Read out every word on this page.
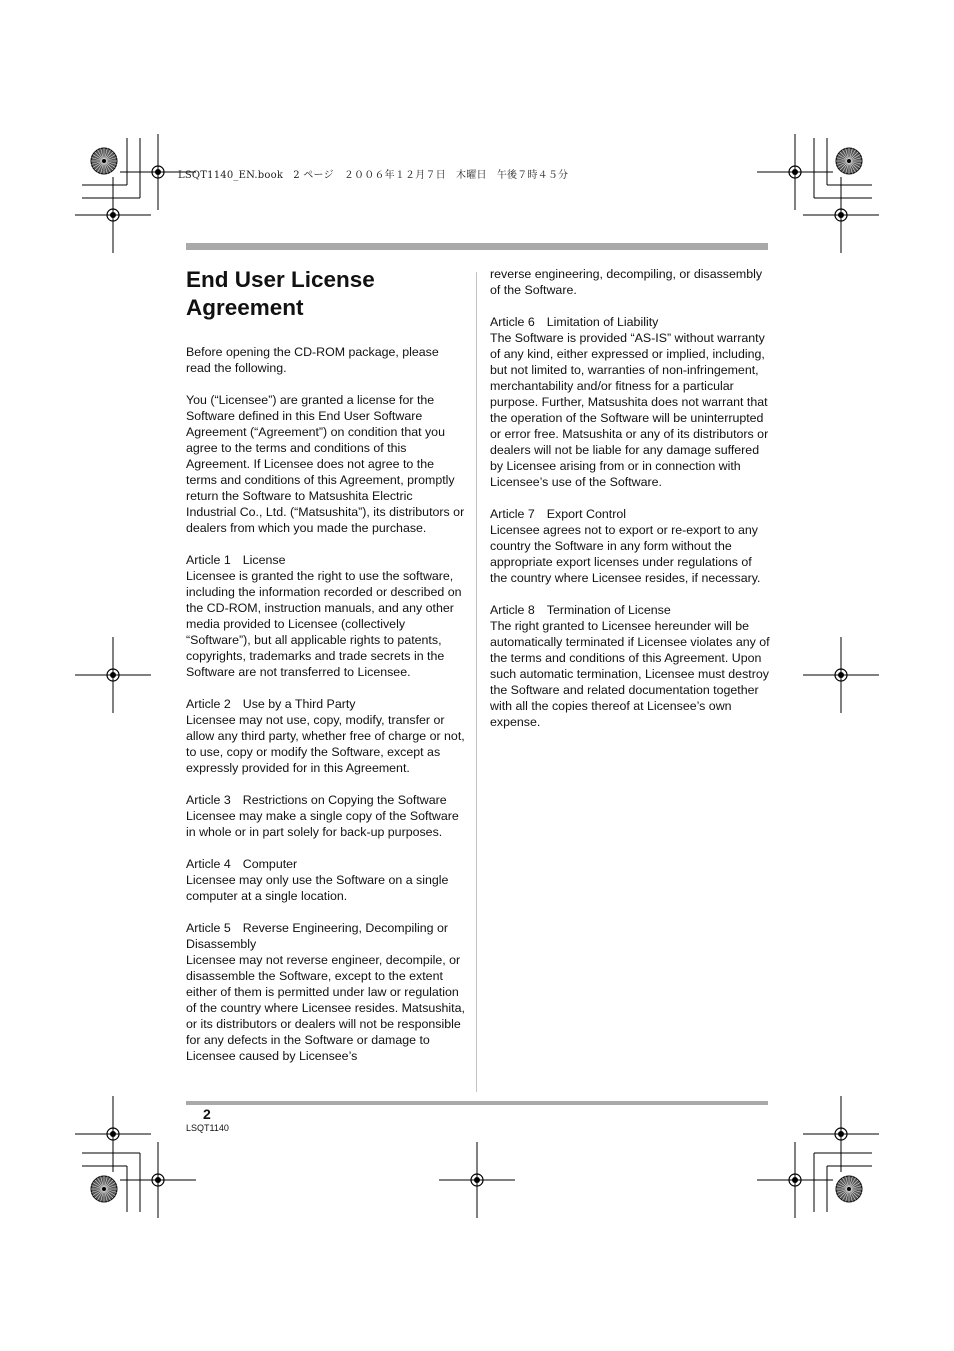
LSQT1140_EN.book　2 ページ　２００６年１２月７日　木曜日　午後７時４５分
End User License
Agreement

Before opening the CD-ROM package, please read the following.

You (“Licensee”) are granted a license for the Software defined in this End User Software Agreement (“Agreement”) on condition that you agree to the terms and conditions of this Agreement. If Licensee does not agree to the terms and conditions of this Agreement, promptly return the Software to Matsushita Electric Industrial Co., Ltd. (“Matsushita”), its distributors or dealers from which you made the purchase.

Article 1 License
Licensee is granted the right to use the software, including the information recorded or described on the CD-ROM, instruction manuals, and any other media provided to Licensee (collectively “Software”), but all applicable rights to patents, copyrights, trademarks and trade secrets in the Software are not transferred to Licensee.
Article 2 Use by a Third Party
Licensee may not use, copy, modify, transfer or allow any third party, whether free of charge or not, to use, copy or modify the Software, except as expressly provided for in this Agreement.
Article 3 Restrictions on Copying the Software
Licensee may make a single copy of the Software in whole or in part solely for back-up purposes.
Article 4 Computer
Licensee may only use the Software on a single computer at a single location.
Article 5 Reverse Engineering, Decompiling or Disassembly
Licensee may not reverse engineer, decompile, or disassemble the Software, except to the extent either of them is permitted under law or regulation of the country where Licensee resides. Matsushita, or its distributors or dealers will not be responsible for any defects in the Software or damage to Licensee caused by Licensee’s

reverse engineering, decompiling, or disassembly of the Software.

Article 6 Limitation of Liability
The Software is provided “AS-IS” without warranty of any kind, either expressed or implied, including, but not limited to, warranties of non-infringement, merchantability and/or fitness for a particular purpose. Further, Matsushita does not warrant that the operation of the Software will be uninterrupted or error free. Matsushita or any of its distributors or dealers will not be liable for any damage suffered by Licensee arising from or in connection with Licensee’s use of the Software.
Article 7 Export Control
Licensee agrees not to export or re-export to any country the Software in any form without the appropriate export licenses under regulations of the country where Licensee resides, if necessary.
Article 8 Termination of License
The right granted to Licensee hereunder will be automatically terminated if Licensee violates any of the terms and conditions of this Agreement. Upon such automatic termination, Licensee must destroy the Software and related documentation together with all the copies thereof at Licensee’s own expense.
2
LSQT1140
